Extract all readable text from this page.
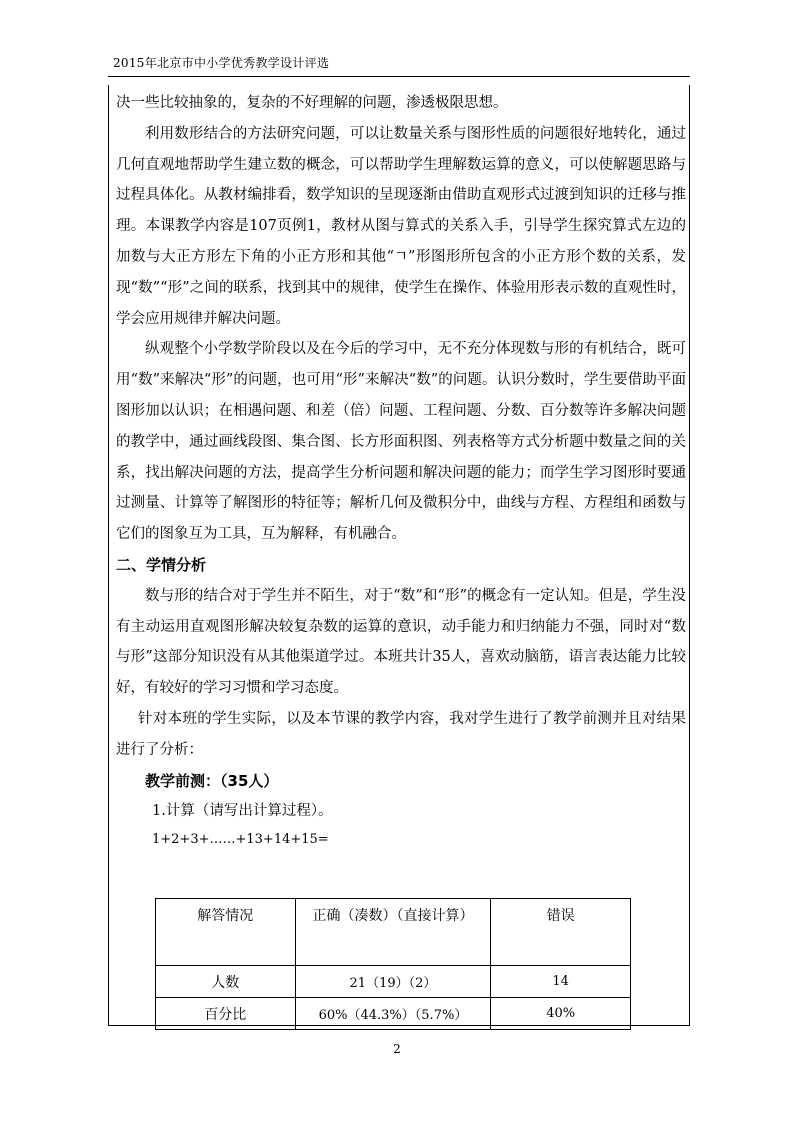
2015年北京市中小学优秀教学设计评选

决一些比较抽象的，复杂的不好理解的问题，渗透极限思想。

利用数形结合的方法研究问题，可以让数量关系与图形性质的问题很好地转化，通过几何直观地帮助学生建立数的概念，可以帮助学生理解数运算的意义，可以使解题思路与过程具体化。从教材编排看，数学知识的呈现逐渐由借助直观形式过渡到知识的迁移与推理。本课教学内容是107页例1，教材从图与算式的关系入手，引导学生探究算式左边的加数与大正方形左下角的小正方形和其他“ㄱ”形图形所包含的小正方形个数的关系，发现“数”“形”之间的联系，找到其中的规律，使学生在操作、体验用形表示数的直观性时，学会应用规律并解决问题。

纵观整个小学数学阶段以及在今后的学习中，无不充分体现数与形的有机结合，既可用“数”来解决“形”的问题，也可用“形”来解决“数”的问题。认识分数时，学生要借助平面图形加以认识；在相遇问题、和差（倍）问题、工程问题、分数、百分数等许多解决问题的教学中，通过画线段图、集合图、长方形面积图、列表格等方式分析题中数量之间的关系，找出解决问题的方法，提高学生分析问题和解决问题的能力；而学生学习图形时要通过测量、计算等了解图形的特征等；解析几何及微积分中，曲线与方程、方程组和函数与它们的图象互为工具，互为解释，有机融合。

二、学情分析

数与形的结合对于学生并不陌生，对于“数”和“形”的概念有一定认知。但是，学生没有主动运用直观图形解决较复杂数的运算的意识，动手能力和归纳能力不强，同时对“数与形”这部分知识没有从其他渠道学过。本班共计35人，喜欢动脑筋，语言表达能力比较好，有较好的学习习惯和学习态度。

针对本班的学生实际，以及本节课的教学内容，我对学生进行了教学前测并且对结果进行了分析：

教学前测：（35人）

1.计算（请写出计算过程）。

1+2+3+……+13+14+15=

解答情况	正确（凑数）（直接计算）	错误
人数	21（19）（2）	14
百分比	60%（44.3%）（5.7%）	40%
2
